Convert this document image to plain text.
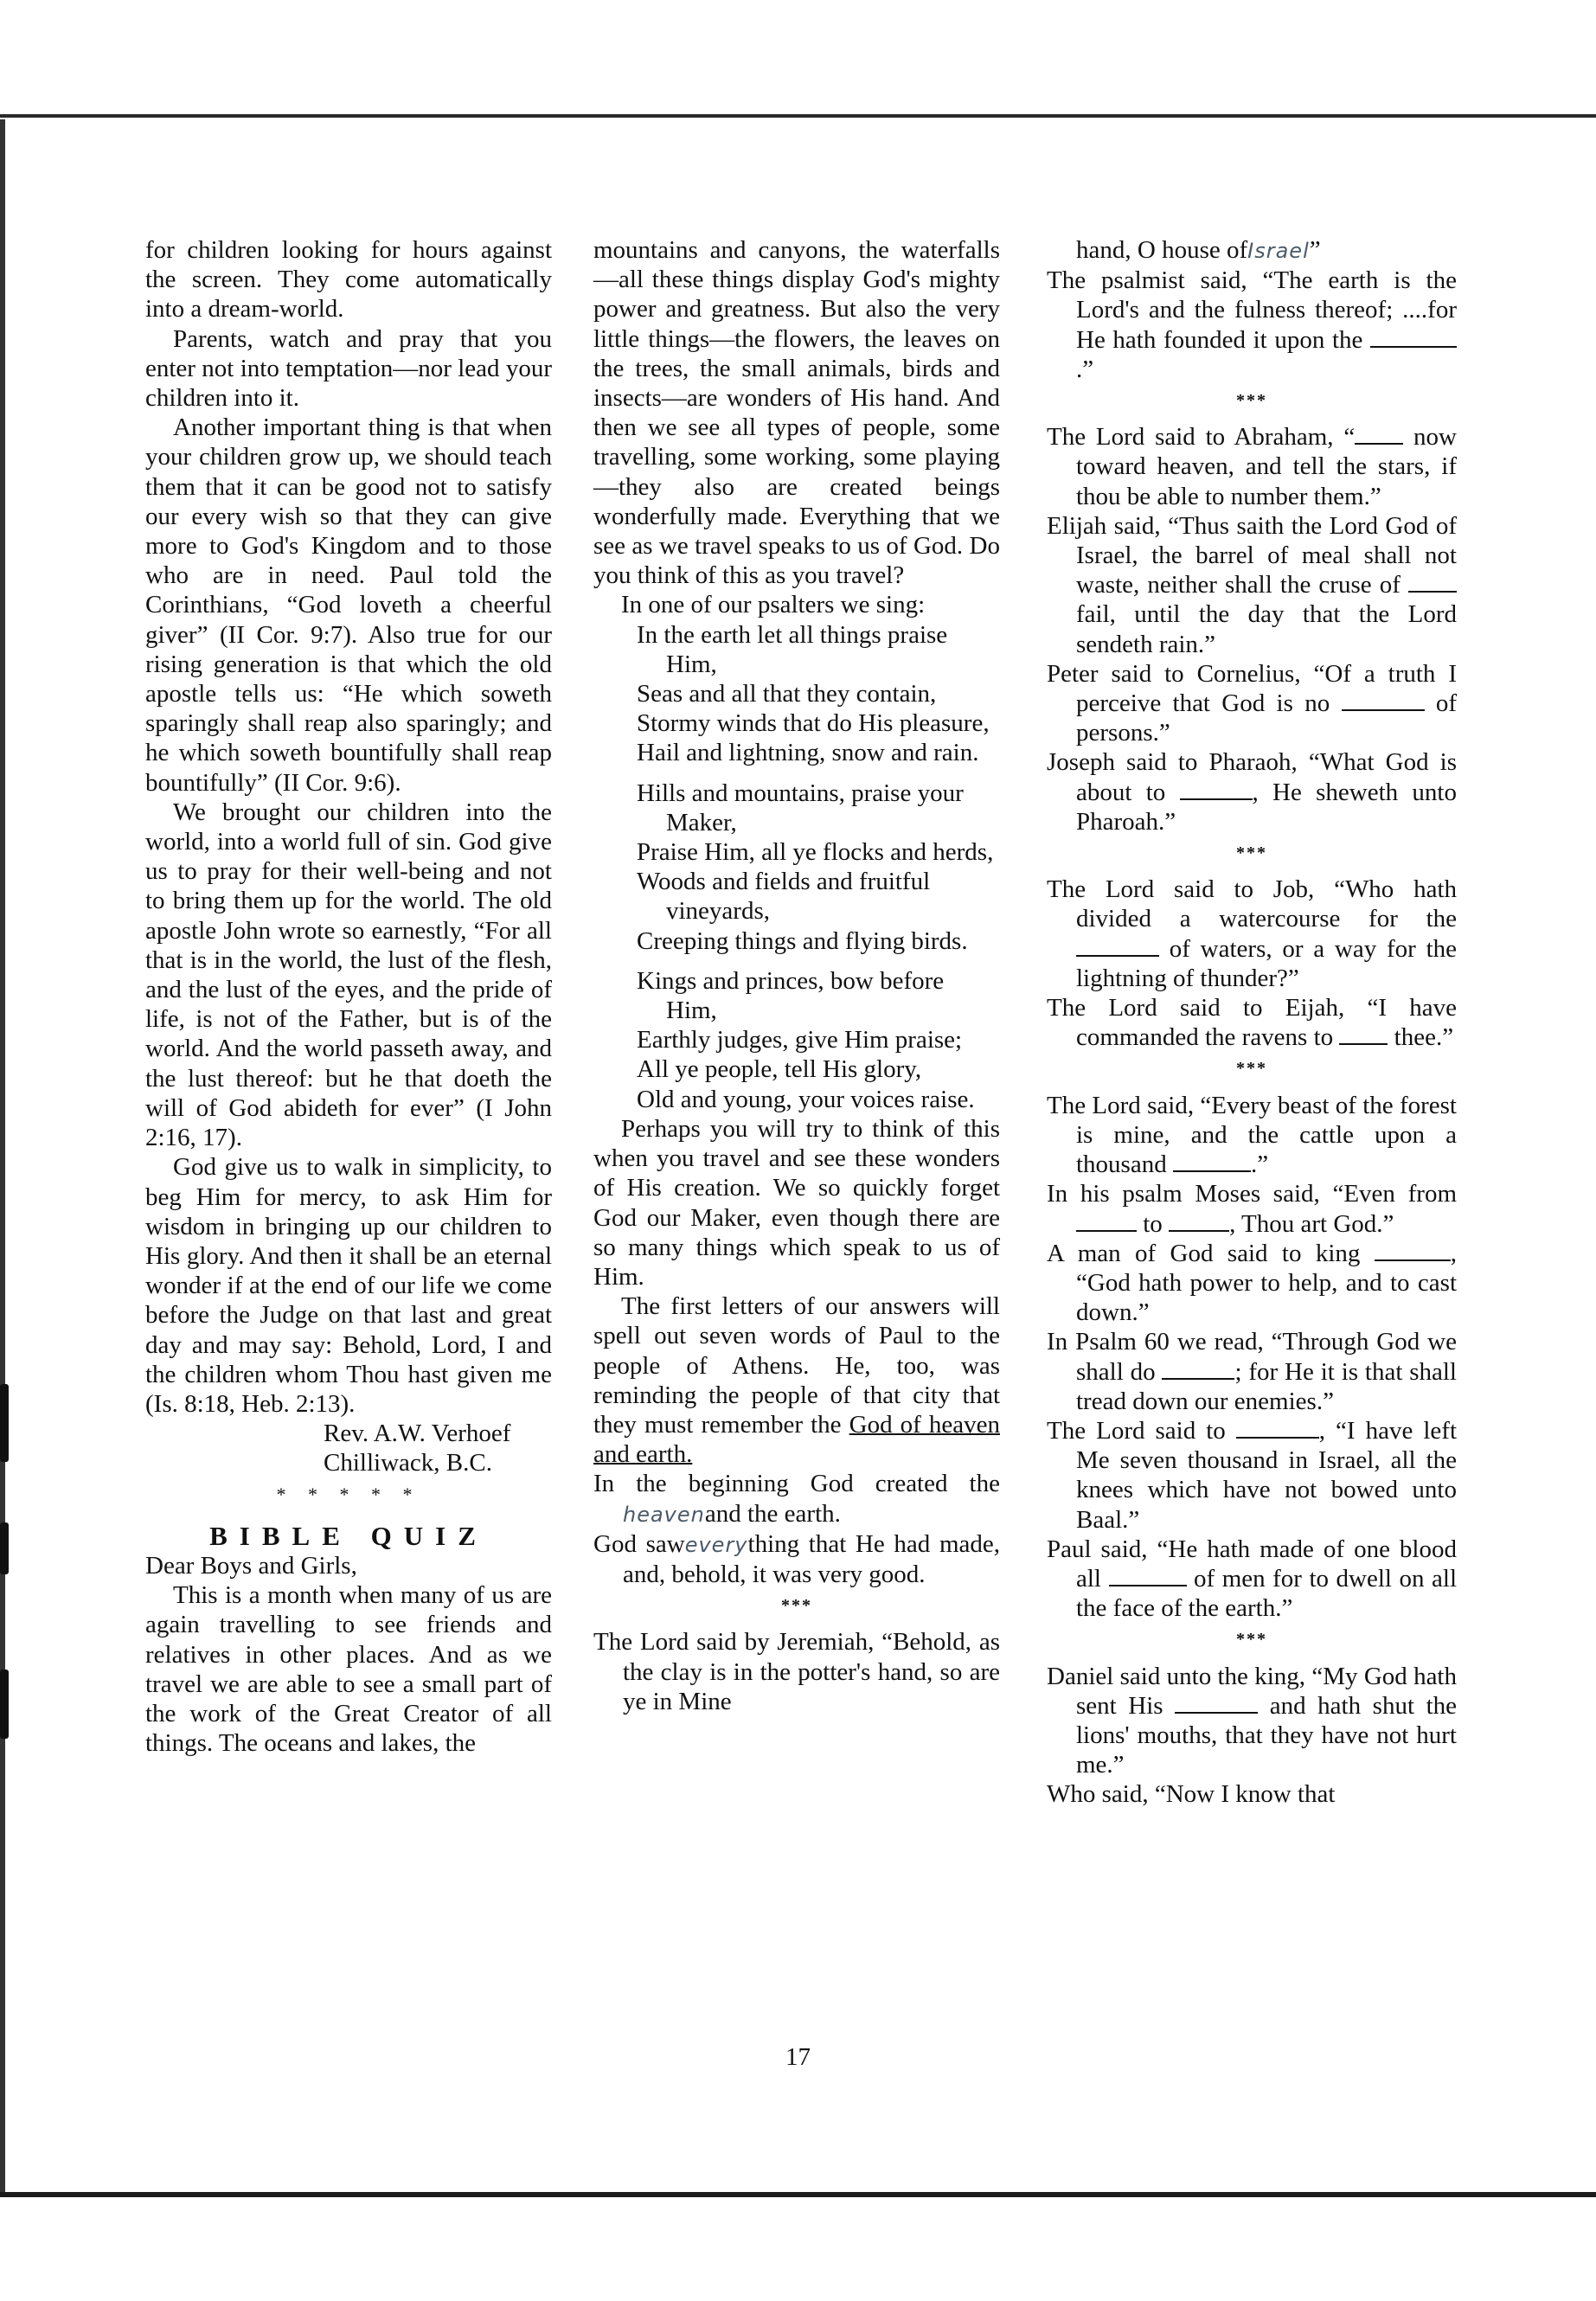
for children looking for hours against the screen. They come automatically into a dream-world.

Parents, watch and pray that you enter not into temptation—nor lead your children into it.

Another important thing is that when your children grow up, we should teach them that it can be good not to satisfy our every wish so that they can give more to God's Kingdom and to those who are in need. Paul told the Corinthians, “God loveth a cheerful giver” (II Cor. 9:7). Also true for our rising generation is that which the old apostle tells us: “He which soweth sparingly shall reap also sparingly; and he which soweth bountifully shall reap bountifully” (II Cor. 9:6).

We brought our children into the world, into a world full of sin. God give us to pray for their well-being and not to bring them up for the world. The old apostle John wrote so earnestly, “For all that is in the world, the lust of the flesh, and the lust of the eyes, and the pride of life, is not of the Father, but is of the world. And the world passeth away, and the lust thereof: but he that doeth the will of God abideth for ever” (I John 2:16, 17).

God give us to walk in simplicity, to beg Him for mercy, to ask Him for wisdom in bringing up our children to His glory. And then it shall be an eternal wonder if at the end of our life we come before the Judge on that last and great day and may say: Behold, Lord, I and the children whom Thou hast given me (Is. 8:18, Heb. 2:13).

Rev. A.W. Verhoef

Chilliwack, B.C.

* * * * *

BIBLE QUIZ

Dear Boys and Girls,

This is a month when many of us are again travelling to see friends and relatives in other places. And as we travel we are able to see a small part of the work of the Great Creator of all things. The oceans and lakes, the

mountains and canyons, the waterfalls—all these things display God's mighty power and greatness. But also the very little things—the flowers, the leaves on the trees, the small animals, birds and insects—are wonders of His hand. And then we see all types of people, some travelling, some working, some playing—they also are created beings wonderfully made. Everything that we see as we travel speaks to us of God. Do you think of this as you travel?

In one of our psalters we sing:

In the earth let all things praise Him,

Seas and all that they contain,

Stormy winds that do His pleasure,

Hail and lightning, snow and rain.

Hills and mountains, praise your Maker,

Praise Him, all ye flocks and herds,

Woods and fields and fruitful vineyards,

Creeping things and flying birds.

Kings and princes, bow before Him,

Earthly judges, give Him praise;

All ye people, tell His glory,

Old and young, your voices raise.

Perhaps you will try to think of this when you travel and see these wonders of His creation. We so quickly forget God our Maker, even though there are so many things which speak to us of Him.

The first letters of our answers will spell out seven words of Paul to the people of Athens. He, too, was reminding the people of that city that they must remember the God of heaven and earth.

In the beginning God created the heavenand the earth.

God saweverything that He had made, and, behold, it was very good.

***

The Lord said by Jeremiah, “Behold, as the clay is in the potter's hand, so are ye in Mine

hand, O house ofIsrael”

The psalmist said, “The earth is the Lord's and the fulness thereof; ....for He hath founded it upon the .”

***

The Lord said to Abraham, “ now toward heaven, and tell the stars, if thou be able to number them.”

Elijah said, “Thus saith the Lord God of Israel, the barrel of meal shall not waste, neither shall the cruse of  fail, until the day that the Lord sendeth rain.”

Peter said to Cornelius, “Of a truth I perceive that God is no	of persons.”

Joseph said to Pharaoh, “What God is about to	, He sheweth unto Pharoah.”

***

The Lord said to Job, “Who hath divided a watercourse for the  of waters, or a way for the lightning of thunder?”

The Lord said to Eijah, “I have commanded the ravens to  thee.”

***

The Lord said, “Every beast of the forest is mine, and the cattle upon a thousand	.”

In his psalm Moses said, “Even from  to , Thou art God.”

A man of God said to king	, “God hath power to help, and to cast down.”

In Psalm 60 we read, “Through God we shall do	; for He it is that shall tread down our enemies.”

The Lord said to	, “I have left Me seven thousand in Israel, all the knees which have not bowed unto Baal.”

Paul said, “He hath made of one blood all	of men for to dwell on all the face of the earth.”

***

Daniel said unto the king, “My God hath sent His	and hath shut the lions' mouths, that they have not hurt me.”

Who said, “Now I know that

17
